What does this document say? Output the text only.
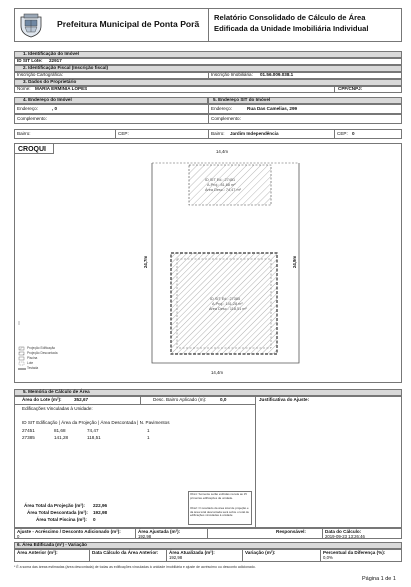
Prefeitura Municipal de Ponta Porã
Relatório Consolidado de Cálculo de Área
Edificada da Unidade Imobiliária Individual
1. Identificação do Imóvel
ID SIT Lote: 22917
2. Identificação Fiscal (Inscrição fiscal)
Inscrição Cartográfica:	Inscrição Imobiliária: 01.56.009.038.1
3. Dados do Proprietário
Nome: MARIA ERMINIA LOPES	CPF/CNPJ:
4. Endereço do Imóvel	5. Endereço SIT do Imóvel
Endereço:	, 0	Endereço:	Rua Das Camelias, 299
Complemento:	Complemento:
Bairro:	CEP:	Bairro: Jardim Independência	CEP: 0
CROQUI	14,4m
14,4m
24,7m	24,9m
ID SIT Ed.: 27451
A.Proj.: 81,68 m²
Área Desc.: 74,47 m²
ID SIT Ed.: 27385
A.Proj.: 141,28 m²
Área Desc.: 118,51 m²
Projeção Edificação
Projeção Descontada
Piscina
Lote
Testada
5. Memória de Cálculo de Área
Área do Lote (m²):	352,67	Desc. Bairro Aplicado (m):	0,0	Justificativa do Ajuste:
Edificações Vinculadas à Unidade:
ID SIT Edificação | Área da Projeção | Área Descontada | N. Pavimentos
27451	81,68	74,47	1
27385	141,28	118,51	1
Área Total da Projeção (m²): 222,96
Área Total Descontada (m²): 192,98
Área Total Piscina (m²): 0
Obs1: Somente serão exibidas na tela as 15 primeiras edificações da unidade.
Obs2: O resultado da área total de projeção e da área total descontada será sobre o total de edificações vinculadas à unidade
Ajuste - Acréscimo / Desconto Adicionado (m²):
0
Área Ajustada (m²):
192,98
Responsável:	Data do Cálculo:
2019-09-23 13:26:46
6. Área Edificada (m²) - Variação
Área Anterior (m²):	Data Cálculo da Área Anterior: Área Atualizada (m²):
192,98
Variação (m²):	Percentual da Diferença (%):
0,0%
* É a soma das áreas estimadas (área descontada) de todas as edificações vinculadas à unidade imobiliária e ajuste de acréscimo ou desconto adicionado.
Página 1 de 1
